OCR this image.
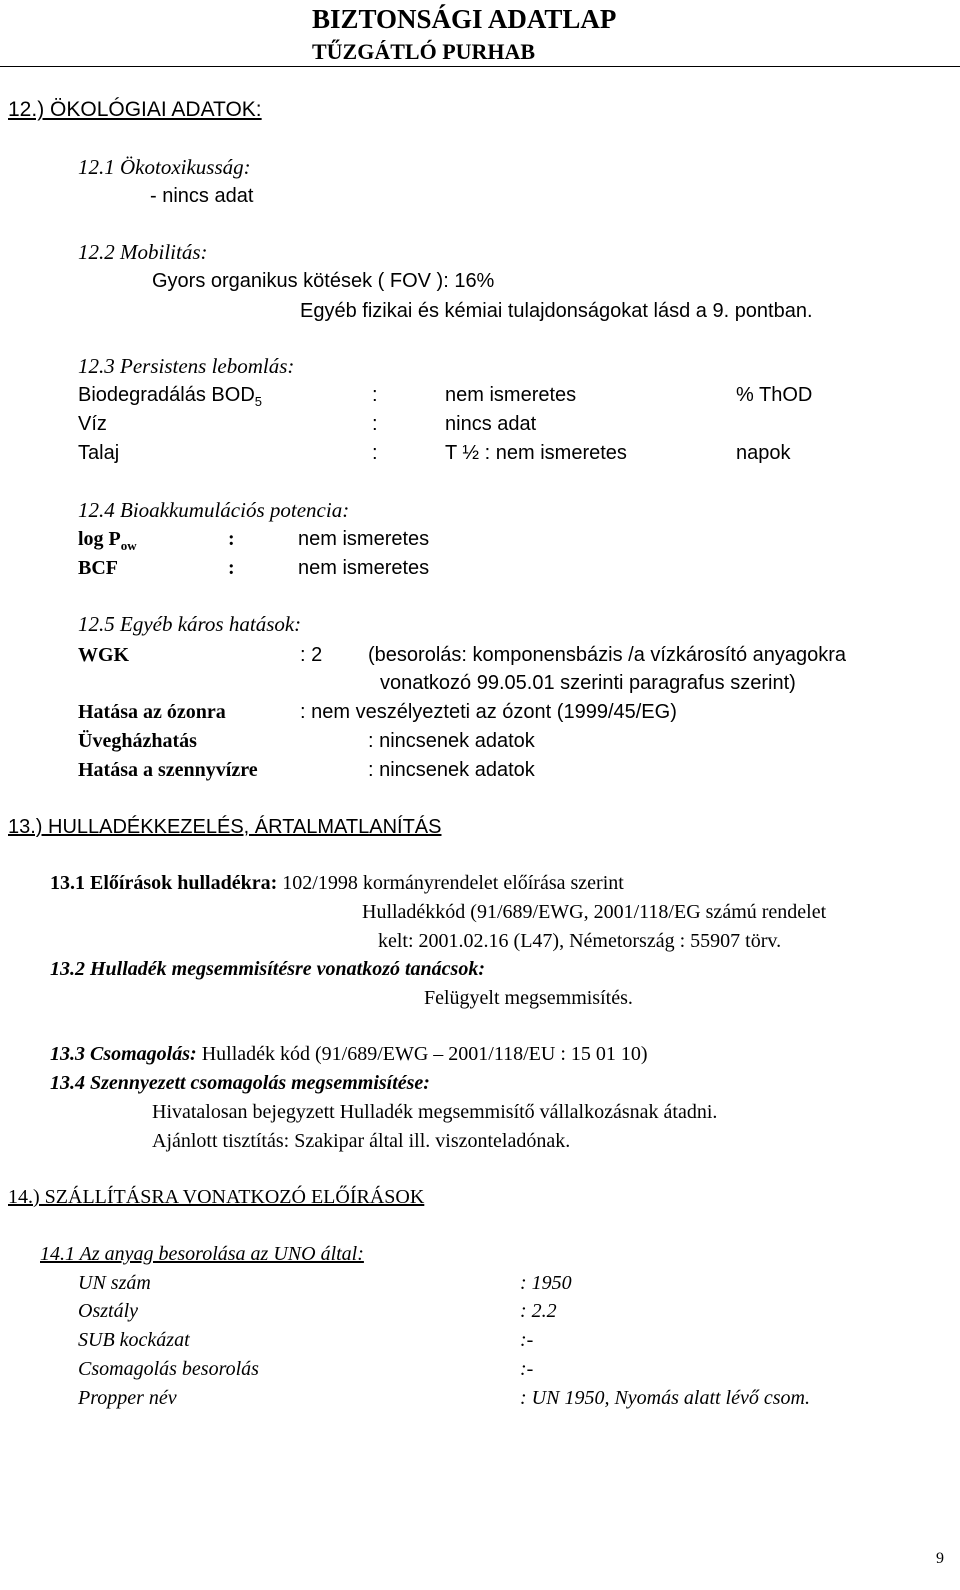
BIZTONSÁGI ADATLAP
TŰZGÁTLÓ PURHAB
12.) ÖKOLÓGIAI ADATOK:
12.1 Ökotoxikusság:
- nincs adat
12.2 Mobilitás:
Gyors organikus kötések ( FOV ): 16%
Egyéb fizikai és kémiai tulajdonságokat lásd a 9. pontban.
12.3 Persistens lebomlás:
Biodegradálás $BOD_5$	:	nem ismeretes	% ThOD
Víz	:	nincs adat
Talaj	:	T ½ : nem ismeretes	napok
12.4 Bioakkumulációs potencia:
$\log P_{ow}$	:	nem ismeretes
BCF	:	nem ismeretes
12.5 Egyéb káros hatások:
WGK	: 2 (besorolás: komponensbázis /a vízkárosító anyagokra
vonatkozó 99.05.01 szerinti paragrafus szerint)
Hatása az ózonra	: nem veszélyezteti az ózont (1999/45/EG)
Üvegházhatás	: nincsenek adatok
Hatása a szennyvízre	: nincsenek adatok
13.) HULLADÉKKEZELÉS, ÁRTALMATLANÍTÁS
13.1 Előírások hulladékra: 102/1998 kormányrendelet előírása szerint
Hulladékkód (91/689/EWG, 2001/118/EG számú rendelet
kelt: 2001.02.16 (L47), Németország : 55907 törv.
13.2 Hulladék megsemmisítésre vonatkozó tanácsok:
Felügyelt megsemmisítés.
13.3 Csomagolás: Hulladék kód (91/689/EWG – 2001/118/EU : 15 01 10)
13.4 Szennyezett csomagolás megsemmisítése:
Hivatalosan bejegyzett Hulladék megsemmisítő vállalkozásnak átadni.
Ajánlott tisztítás: Szakipar által ill. viszonteladónak.
14.) SZÁLLÍTÁSRA VONATKOZÓ ELŐÍRÁSOK
14.1 Az anyag besorolása az UNO által:
UN szám	: 1950
Osztály	: 2.2
SUB kockázat	:-
Csomagolás besorolás	:-
Propper név	: UN 1950, Nyomás alatt lévő csom.
9
